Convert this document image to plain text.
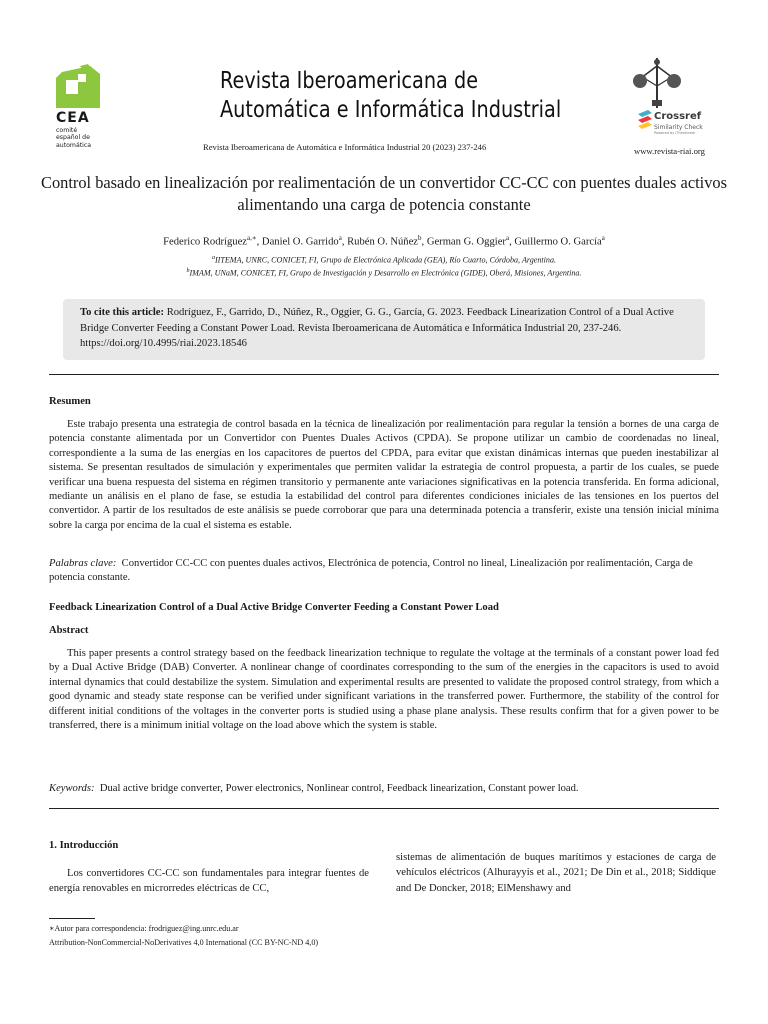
CEA
comité
español de
automática
Revista Iberoamericana de
Automática e Informática Industrial
Revista Iberoamericana de Automática e Informática Industrial 20 (2023) 237-246
Crossref
Similarity Check
Powered by iThenticate
www.revista-riai.org
Control basado en linealización por realimentación de un convertidor CC-CC con puentes duales activos alimentando una carga de potencia constante
Federico Rodríguez$^{a,∗}$, Daniel O. Garrido$^a$, Rubén O. Núñez$^b$, German G. Oggier$^a$, Guillermo O. García$^a$
$^a$IITEMA, UNRC, CONICET, FI, Grupo de Electrónica Aplicada (GEA), Río Cuarto, Córdoba, Argentina.
$^b$IMAM, UNaM, CONICET, FI, Grupo de Investigación y Desarrollo en Electrónica (GIDE), Oberá, Misiones, Argentina.
To cite this article: Rodríguez, F., Garrido, D., Núñez, R., Oggier, G. G., García, G. 2023. Feedback Linearization Control of a Dual Active Bridge Converter Feeding a Constant Power Load. Revista Iberoamericana de Automática e Informática Industrial 20, 237-246. https://doi.org/10.4995/riai.2023.18546
Resumen
Este trabajo presenta una estrategia de control basada en la técnica de linealización por realimentación para regular la tensión a bornes de una carga de potencia constante alimentada por un Convertidor con Puentes Duales Activos (CPDA). Se propone utilizar un cambio de coordenadas no lineal, correspondiente a la suma de las energías en los capacitores de puertos del CPDA, para evitar que existan dinámicas internas que pueden inestabilizar al sistema. Se presentan resultados de simulación y experimentales que permiten validar la estrategia de control propuesta, a partir de los cuales, se puede verificar una buena respuesta del sistema en régimen transitorio y permanente ante variaciones significativas en la potencia transferida. En forma adicional, mediante un análisis en el plano de fase, se estudia la estabilidad del control para diferentes condiciones iniciales de las tensiones en los puertos del convertidor. A partir de los resultados de este análisis se puede corroborar que para una determinada potencia a transferir, existe una tensión inicial mínima sobre la carga por encima de la cual el sistema es estable.
Palabras clave: Convertidor CC-CC con puentes duales activos, Electrónica de potencia, Control no lineal, Linealización por realimentación, Carga de potencia constante.
Feedback Linearization Control of a Dual Active Bridge Converter Feeding a Constant Power Load
Abstract
This paper presents a control strategy based on the feedback linearization technique to regulate the voltage at the terminals of a constant power load fed by a Dual Active Bridge (DAB) Converter. A nonlinear change of coordinates corresponding to the sum of the energies in the capacitors is used to avoid internal dynamics that could destabilize the system. Simulation and experimental results are presented to validate the proposed control strategy, from which a good dynamic and steady state response can be verified under significant variations in the transferred power. Furthermore, the stability of the control for different initial conditions of the voltages in the converter ports is studied using a phase plane analysis. These results confirm that for a given power to be transferred, there is a minimum initial voltage on the load above which the system is stable.
Keywords: Dual active bridge converter, Power electronics, Nonlinear control, Feedback linearization, Constant power load.
1. Introducción
Los convertidores CC-CC son fundamentales para integrar fuentes de energía renovables en microrredes eléctricas de CC,
sistemas de alimentación de buques marítimos y estaciones de carga de vehículos eléctricos (Alhurayyis et al., 2021; De Din et al., 2018; Siddique and De Doncker, 2018; ElMenshawy and
∗Autor para correspondencia: frodriguez@ing.unrc.edu.ar
Attribution-NonCommercial-NoDerivatives 4,0 International (CC BY-NC-ND 4,0)
